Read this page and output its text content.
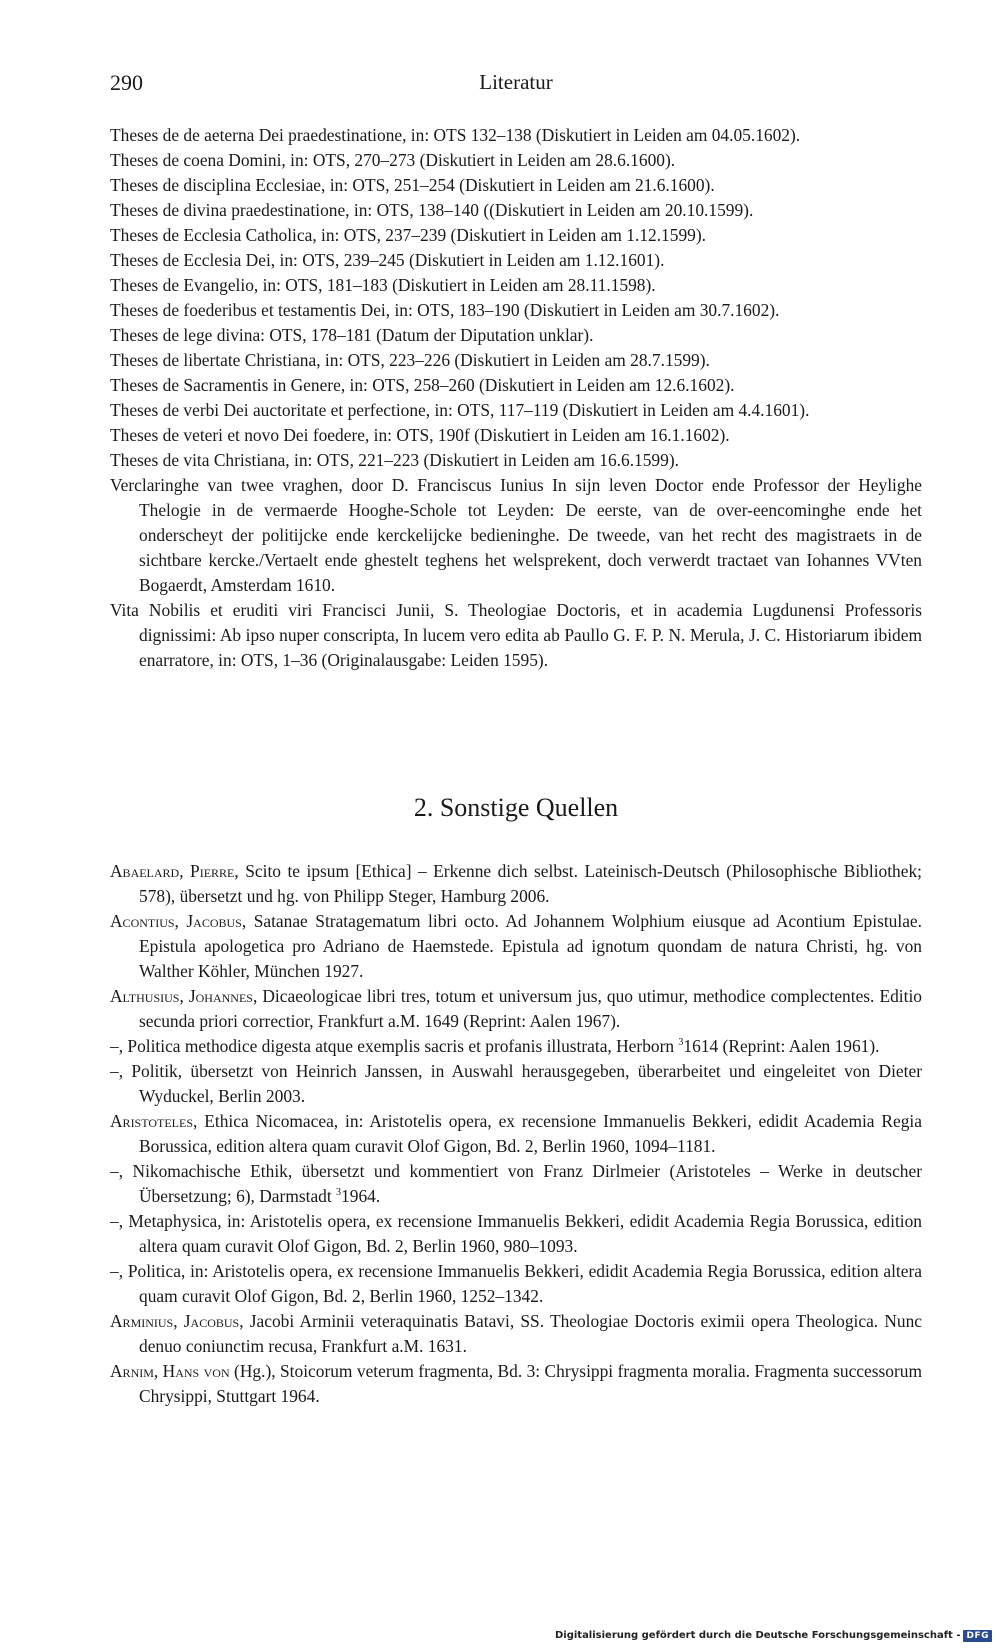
290	Literatur

Theses de de aeterna Dei praedestinatione, in: OTS 132–138 (Diskutiert in Leiden am 04.05.1602).

Theses de coena Domini, in: OTS, 270–273 (Diskutiert in Leiden am 28.6.1600).

Theses de disciplina Ecclesiae, in: OTS, 251–254 (Diskutiert in Leiden am 21.6.1600).

Theses de divina praedestinatione, in: OTS, 138–140 ((Diskutiert in Leiden am 20.10.1599).

Theses de Ecclesia Catholica, in: OTS, 237–239 (Diskutiert in Leiden am 1.12.1599).

Theses de Ecclesia Dei, in: OTS, 239–245 (Diskutiert in Leiden am 1.12.1601).

Theses de Evangelio, in: OTS, 181–183 (Diskutiert in Leiden am 28.11.1598).

Theses de foederibus et testamentis Dei, in: OTS, 183–190 (Diskutiert in Leiden am 30.7.1602).

Theses de lege divina: OTS, 178–181 (Datum der Diputation unklar).

Theses de libertate Christiana, in: OTS, 223–226 (Diskutiert in Leiden am 28.7.1599).

Theses de Sacramentis in Genere, in: OTS, 258–260 (Diskutiert in Leiden am 12.6.1602).

Theses de verbi Dei auctoritate et perfectione, in: OTS, 117–119 (Diskutiert in Leiden am 4.4.1601).

Theses de veteri et novo Dei foedere, in: OTS, 190f (Diskutiert in Leiden am 16.1.1602).

Theses de vita Christiana, in: OTS, 221–223 (Diskutiert in Leiden am 16.6.1599).

Verclaringhe van twee vraghen, door D. Franciscus Iunius In sijn leven Doctor ende Professor der Heylighe Thelogie in de vermaerde Hooghe-Schole tot Leyden: De eerste, van de over-eencominghe ende het onderscheyt der politijcke ende kerckelijcke bedieninghe. De tweede, van het recht des magistraets in de sichtbare kercke./Vertaelt ende ghestelt teghens het welsprekent, doch verwerdt tractaet van Iohannes VVten Bogaerdt, Amsterdam 1610.

Vita Nobilis et eruditi viri Francisci Junii, S. Theologiae Doctoris, et in academia Lugdunensi Professoris dignissimi: Ab ipso nuper conscripta, In lucem vero edita ab Paullo G. F. P. N. Merula, J. C. Historiarum ibidem enarratore, in: OTS, 1–36 (Originalausgabe: Leiden 1595).

2. Sonstige Quellen

Abaelard, Pierre, Scito te ipsum [Ethica] – Erkenne dich selbst. Lateinisch-Deutsch (Philosophische Bibliothek; 578), übersetzt und hg. von Philipp Steger, Hamburg 2006.

Acontius, Jacobus, Satanae Stratagematum libri octo. Ad Johannem Wolphium eiusque ad Acontium Epistulae. Epistula apologetica pro Adriano de Haemstede. Epistula ad ignotum quondam de natura Christi, hg. von Walther Köhler, München 1927.

Althusius, Johannes, Dicaeologicae libri tres, totum et universum jus, quo utimur, methodice complectentes. Editio secunda priori correctior, Frankfurt a.M. 1649 (Reprint: Aalen 1967).

–, Politica methodice digesta atque exemplis sacris et profanis illustrata, Herborn $^3$1614 (Reprint: Aalen 1961).

–, Politik, übersetzt von Heinrich Janssen, in Auswahl herausgegeben, überarbeitet und eingeleitet von Dieter Wyduckel, Berlin 2003.

Aristoteles, Ethica Nicomacea, in: Aristotelis opera, ex recensione Immanuelis Bekkeri, edidit Academia Regia Borussica, edition altera quam curavit Olof Gigon, Bd. 2, Berlin 1960, 1094–1181.

–, Nikomachische Ethik, übersetzt und kommentiert von Franz Dirlmeier (Aristoteles – Werke in deutscher Übersetzung; 6), Darmstadt $^3$1964.

–, Metaphysica, in: Aristotelis opera, ex recensione Immanuelis Bekkeri, edidit Academia Regia Borussica, edition altera quam curavit Olof Gigon, Bd. 2, Berlin 1960, 980–1093.

–, Politica, in: Aristotelis opera, ex recensione Immanuelis Bekkeri, edidit Academia Regia Borussica, edition altera quam curavit Olof Gigon, Bd. 2, Berlin 1960, 1252–1342.

Arminius, Jacobus, Jacobi Arminii veteraquinatis Batavi, SS. Theologiae Doctoris eximii opera Theologica. Nunc denuo coniunctim recusa, Frankfurt a.M. 1631.

Arnim, Hans von (Hg.), Stoicorum veterum fragmenta, Bd. 3: Chrysippi fragmenta moralia. Fragmenta successorum Chrysippi, Stuttgart 1964.

Digitalisierung gefördert durch die Deutsche Forschungsgemeinschaft - DFG
